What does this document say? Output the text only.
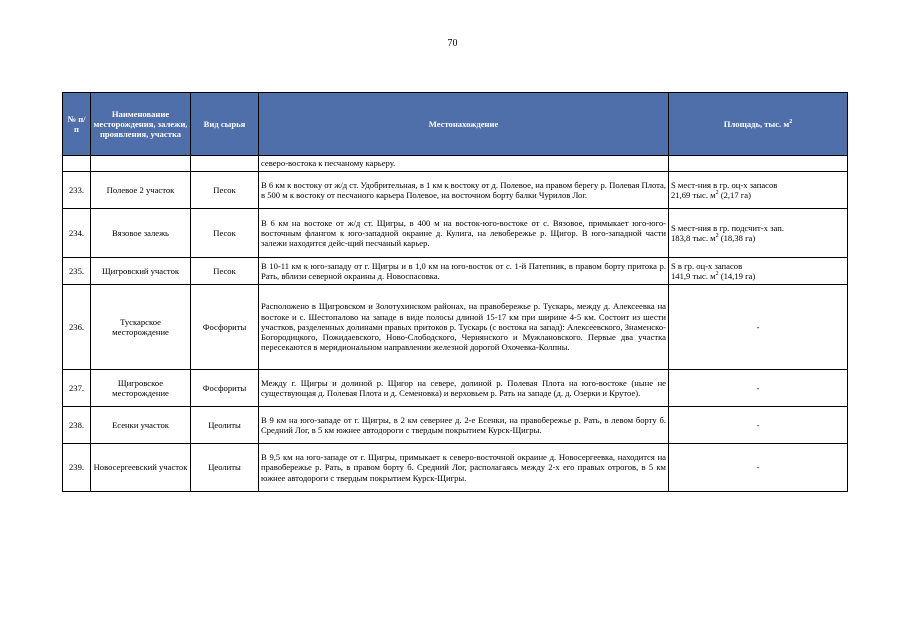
70
№ п/п	Наименование месторождения, залежи, проявления, участка	Вид сырья	Местонахождение	Площадь, тыс. $м^2$
			северо-востока к песчаному карьеру.	
233.	Полевое 2 участок	Песок	В 6 км к востоку от ж/д ст. Удобрительная, в 1 км к востоку от д. Полевое, на правом берегу р. Полевая Плота, в 500 м к востоку от песчаного карьера Полевое, на восточном борту балки Чурилов Лог.	S мест-ния в гр. оц-х запасов
21,69 тыс. $м^2$ (2,17 га)

234.	Вязовое залежь	Песок	В 6 км на востоке от ж/д ст. Щигры, в 400 м на восток-юго-востоке от с. Вязовое, примыкает юго-юго-восточным флангом к юго-западной окраине д. Кулига, на левобережье р. Щигор. В юго-западной части залежи находится дейс-щий песчаный карьер.	S мест-ния в гр. подсчит-х зап.
183,8 тыс. $м^2$ (18,38 га)

235.	Щигровский участок	Песок	В 10-11 км к юго-западу от г. Щигры и в 1,0 км на юго-восток от с. 1-й Патепник, в правом борту притока р. Рать, вблизи северной окраины д. Новоспасовка.	S в гр. оц-х запасов
141,9 тыс. $м^2$ (14,19 га)

236.	Тускарское месторождение	Фосфориты	Расположено в Щигровском и Золотухинском районах, на правобережье р. Тускарь, между д. Алексеевка на востоке и с. Шестопалово на западе в виде полосы длиной 15-17 км при ширине 4-5 км. Состоит из шести участков, разделенных долинами правых притоков р. Тускарь (с востока на запад): Алексеевского, Знаменско-Богородицкого, Пожидаевского, Ново-Слободского, Чернянского и Мужлановского. Первые два участка пересекаются в меридиональном направлении железной дорогой Охочевка-Колпны.	-
237.	Щигровское месторождение	Фосфориты	Между г. Щигры и долиной р. Щигор на севере, долиной р. Полевая Плота на юго-востоке (ныне не существующая д. Полевая Плота и д. Семеновка) и верховьем р. Рать на западе (д. д. Озерки и Крутое).	-
238.	Есенки участок	Цеолиты	В 9 км на юго-западе от г. Щигры, в 2 км севернее д. 2-е Есенки, на правобережье р. Рать, в левом борту б. Средний Лог, в 5 км южнее автодороги с твердым покрытием Курск-Щигры.	-
239.	Новосергеевский участок	Цеолиты	В 9,5 км на юго-западе от г. Щигры, примыкает к северо-восточной окраине д. Новосергеевка, находится на правобережье р. Рать, в правом борту б. Средний Лог, располагаясь между 2-х его правых отрогов, в 5 км южнее автодороги с твердым покрытием Курск-Щигры.	-
